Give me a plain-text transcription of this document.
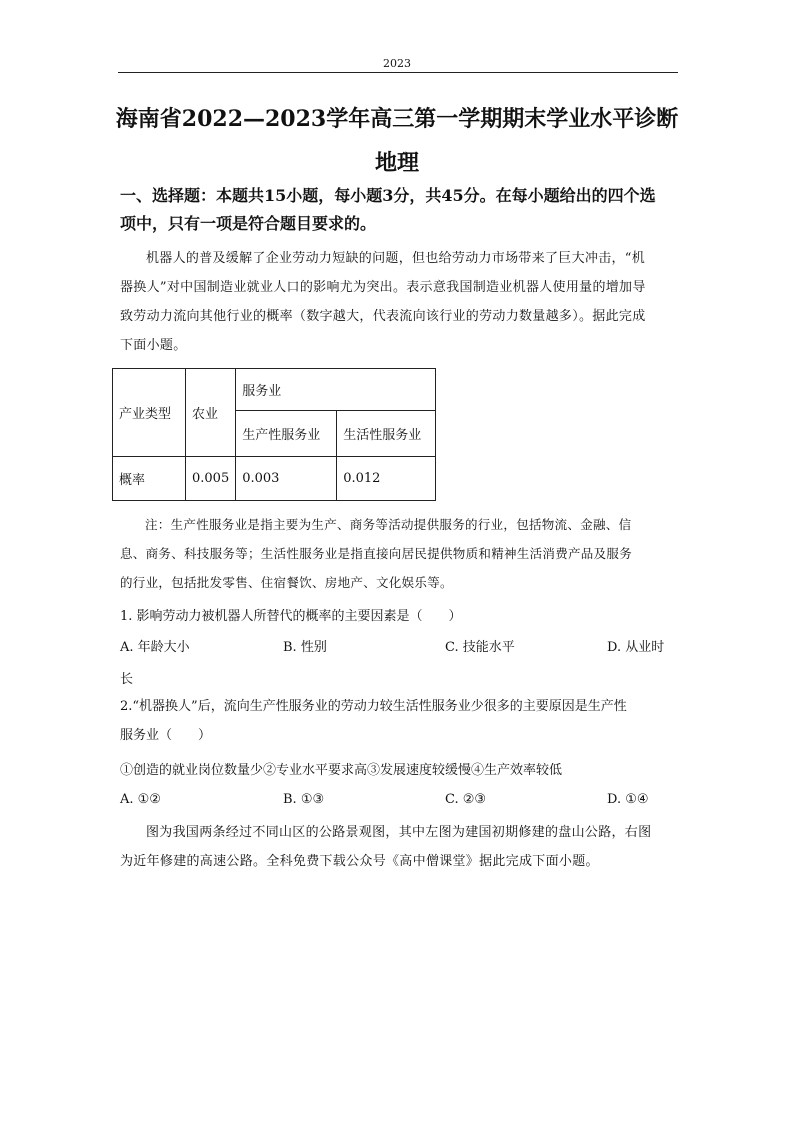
2023
海南省2022—2023学年高三第一学期期末学业水平诊断
地理
一、选择题：本题共15小题，每小题3分，共45分。在每小题给出的四个选
项中，只有一项是符合题目要求的。
机器人的普及缓解了企业劳动力短缺的问题，但也给劳动力市场带来了巨大冲击，“机
器换人”对中国制造业就业人口的影响尤为突出。表示意我国制造业机器人使用量的增加导
致劳动力流向其他行业的概率（数字越大，代表流向该行业的劳动力数量越多）。据此完成
下面小题。
产业类型	农业	服务业	
		生产性服务业	生活性服务业
概率	0.005	0.003	0.012
注：生产性服务业是指主要为生产、商务等活动提供服务的行业，包括物流、金融、信
息、商务、科技服务等；生活性服务业是指直接向居民提供物质和精神生活消费产品及服务
的行业，包括批发零售、住宿餐饮、房地产、文化娱乐等。
1. 影响劳动力被机器人所替代的概率的主要因素是（　　）
A. 年龄大小	B. 性别	C. 技能水平	D. 从业时
长
2.“机器换人”后，流向生产性服务业的劳动力较生活性服务业少很多的主要原因是生产性
服务业（　　）
①创造的就业岗位数量少②专业水平要求高③发展速度较缓慢④生产效率较低
A. ①②	B. ①③	C. ②③	D. ①④
图为我国两条经过不同山区的公路景观图，其中左图为建国初期修建的盘山公路，右图
为近年修建的高速公路。全科免费下载公众号《高中僧课堂》据此完成下面小题。
